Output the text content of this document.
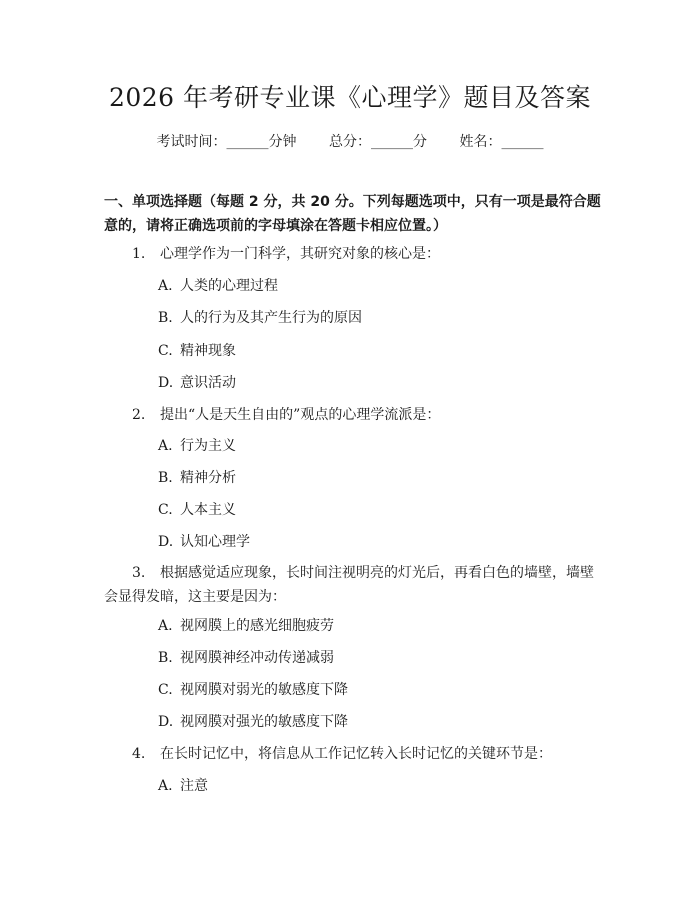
2026 年考研专业课《心理学》题目及答案
考试时间：______分钟 总分：______分 姓名：______
一、单项选择题（每题 2 分，共 20 分。下列每题选项中，只有一项是最符合题意的，请将正确选项前的字母填涂在答题卡相应位置。）
1. 心理学作为一门科学，其研究对象的核心是：
A. 人类的心理过程
B. 人的行为及其产生行为的原因
C. 精神现象
D. 意识活动
2. 提出“人是天生自由的”观点的心理学流派是：
A. 行为主义
B. 精神分析
C. 人本主义
D. 认知心理学
3. 根据感觉适应现象，长时间注视明亮的灯光后，再看白色的墙壁，墙壁会显得发暗，这主要是因为：
A. 视网膜上的感光细胞疲劳
B. 视网膜神经冲动传递减弱
C. 视网膜对弱光的敏感度下降
D. 视网膜对强光的敏感度下降
4. 在长时记忆中，将信息从工作记忆转入长时记忆的关键环节是：
A. 注意
